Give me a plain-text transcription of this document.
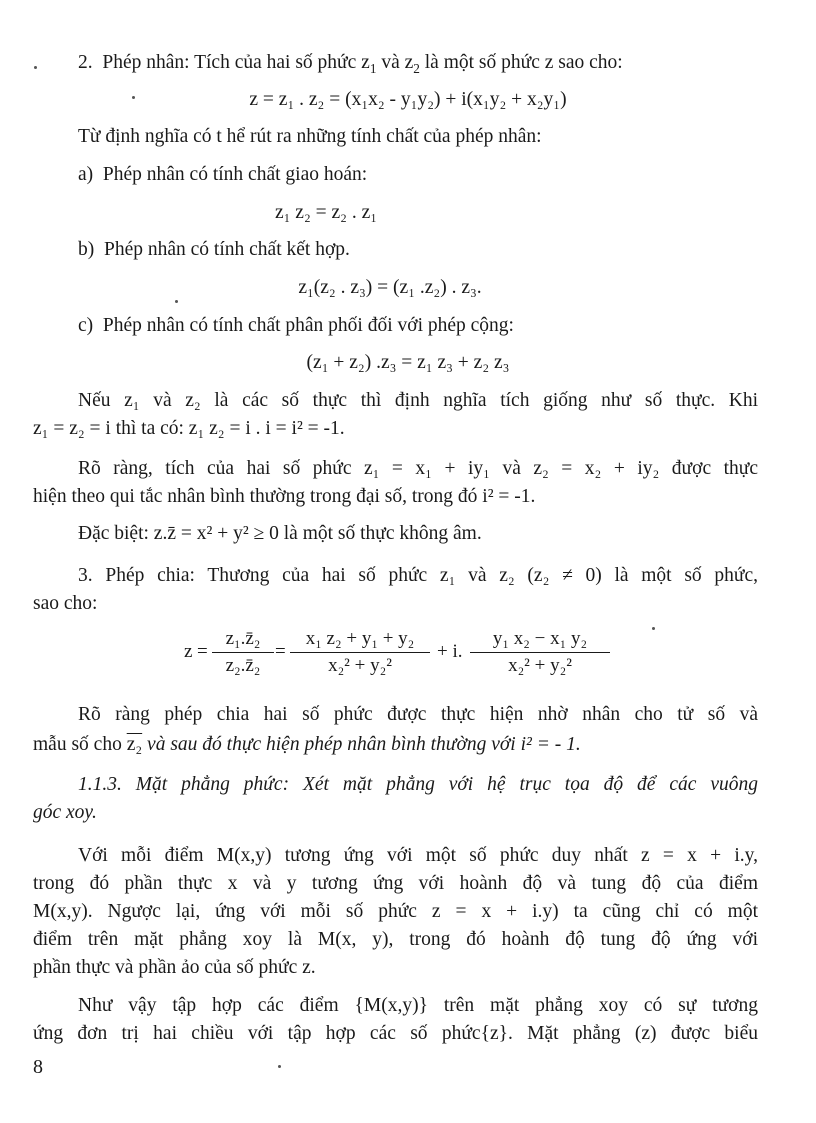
2. Phép nhân: Tích của hai số phức $z_1$ và $z_2$ là một số phức z sao cho:
z = z₁ . z₂ = (x₁x₂ - y₁y₂) + i(x₁y₂ + x₂y₁)
Từ định nghĩa có t hể rút ra những tính chất của phép nhân:
a) Phép nhân có tính chất giao hoán:
z₁ z₂ = z₂ . z₁
b) Phép nhân có tính chất kết hợp.
z₁(z₂ . z₃) = (z₁ .z₂) . z₃.
c) Phép nhân có tính chất phân phối đối với phép cộng:
(z₁ + z₂) .z₃ = z₁ z₃ + z₂ z₃
Nếu z₁ và z₂ là các số thực thì định nghĩa tích giống như số thực. Khi
z₁ = z₂ = i thì ta có: z₁ z₂ = i . i = i² = -1.
Rõ ràng, tích của hai số phức z₁ = x₁ + iy₁ và z₂ = x₂ + iy₂ được thực
hiện theo qui tắc nhân bình thường trong đại số, trong đó i² = -1.
Đặc biệt: z.z̄ = x² + y² ≥ 0 là một số thực không âm.
3. Phép chia: Thương của hai số phức z₁ và z₂ (z₂ ≠ 0) là một số phức,
sao cho:
z =
z₁.z̄₂
z₂.z̄₂
=
x₁ z₂ + y₁ + y₂
x₂² + y₂²
+ i.
y₁ x₂ − x₁ y₂
x₂² + y₂²
Rõ ràng phép chia hai số phức được thực hiện nhờ nhân cho tử số và
mẫu số cho z₂ và sau đó thực hiện phép nhân bình thường với i² = - 1.
1.1.3. Mặt phẳng phức: Xét mặt phẳng với hệ trục tọa độ để các vuông
góc xoy.
Với mỗi điểm M(x,y) tương ứng với một số phức duy nhất z = x + i.y,
trong đó phần thực x và y tương ứng với hoành độ và tung độ của điểm
M(x,y). Ngược lại, ứng với mỗi số phức z = x + i.y) ta cũng chỉ có một
điểm trên mặt phẳng xoy là M(x, y), trong đó hoành độ tung độ ứng với
phần thực và phần ảo của số phức z.
Như vậy tập hợp các điểm {M(x,y)} trên mặt phẳng xoy có sự tương
ứng đơn trị hai chiều với tập hợp các số phức{z}. Mặt phẳng (z) được biểu
8
